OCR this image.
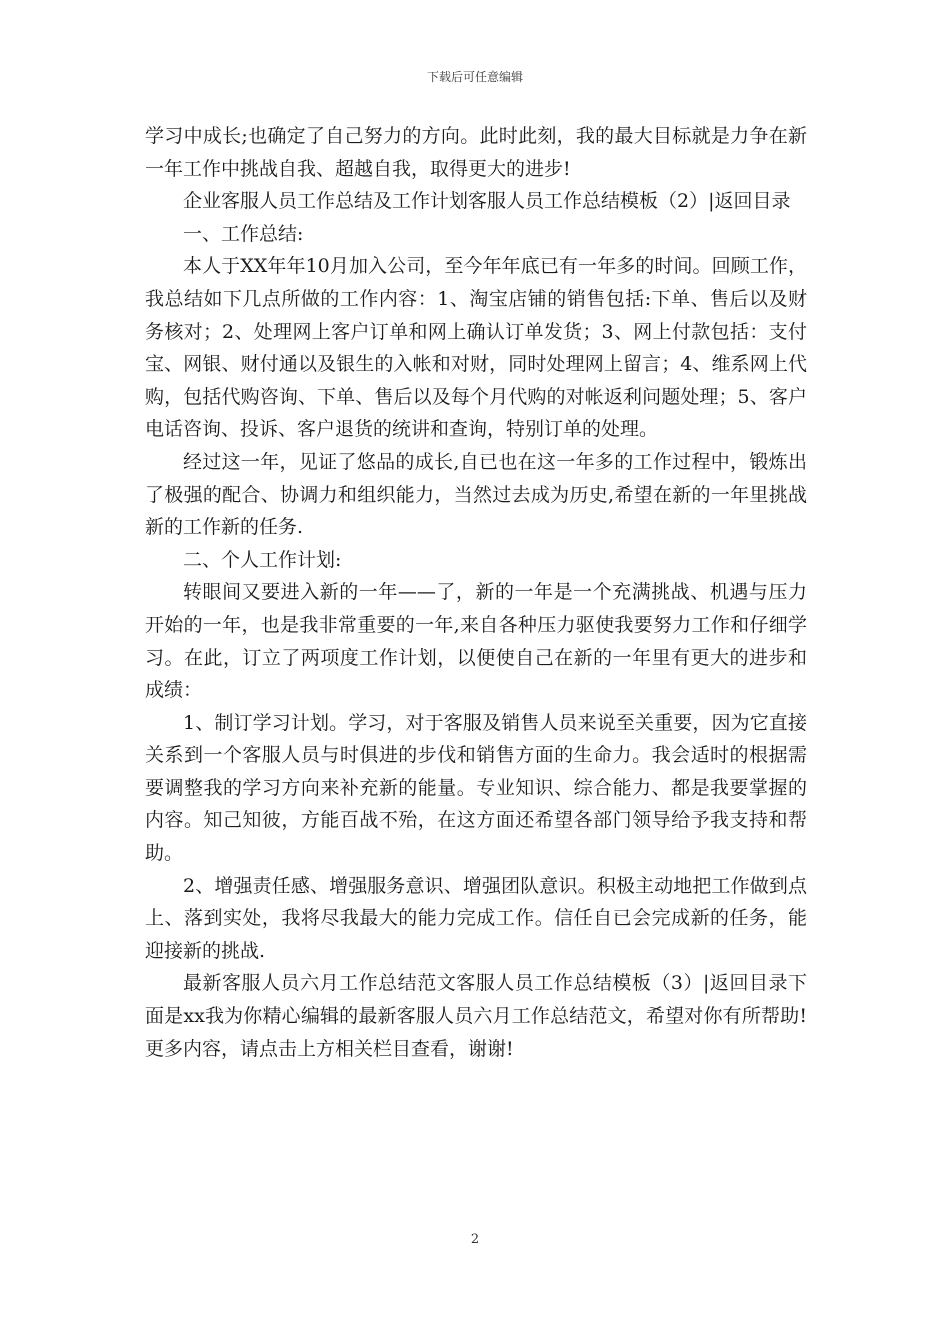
下载后可任意编辑

学习中成长;也确定了自己努力的方向。此时此刻，我的最大目标就是力争在新一年工作中挑战自我、超越自我，取得更大的进步!

企业客服人员工作总结及工作计划客服人员工作总结模板（2）|返回目录

一、工作总结:

本人于XX年年10月加入公司，至今年年底已有一年多的时间。回顾工作，我总结如下几点所做的工作内容：1、淘宝店铺的销售包括:下单、售后以及财务核对；2、处理网上客户订单和网上确认订单发货；3、网上付款包括：支付宝、网银、财付通以及银生的入帐和对财，同时处理网上留言；4、维系网上代购，包括代购咨询、下单、售后以及每个月代购的对帐返利问题处理；5、客户电话咨询、投诉、客户退货的统讲和查询，特别订单的处理。

经过这一年，见证了悠品的成长,自已也在这一年多的工作过程中，锻炼出了极强的配合、协调力和组织能力，当然过去成为历史,希望在新的一年里挑战新的工作新的任务.

二、个人工作计划:

转眼间又要进入新的一年——了，新的一年是一个充满挑战、机遇与压力开始的一年，也是我非常重要的一年,来自各种压力驱使我要努力工作和仔细学习。在此，订立了两项度工作计划，以便使自己在新的一年里有更大的进步和成绩：

1、制订学习计划。学习，对于客服及销售人员来说至关重要，因为它直接关系到一个客服人员与时俱进的步伐和销售方面的生命力。我会适时的根据需要调整我的学习方向来补充新的能量。专业知识、综合能力、都是我要掌握的内容。知己知彼，方能百战不殆，在这方面还希望各部门领导给予我支持和帮助。

2、增强责任感、增强服务意识、增强团队意识。积极主动地把工作做到点上、落到实处，我将尽我最大的能力完成工作。信任自已会完成新的任务，能迎接新的挑战.

最新客服人员六月工作总结范文客服人员工作总结模板（3）|返回目录下面是xx我为你精心编辑的最新客服人员六月工作总结范文，希望对你有所帮助!更多内容，请点击上方相关栏目查看，谢谢!

2
